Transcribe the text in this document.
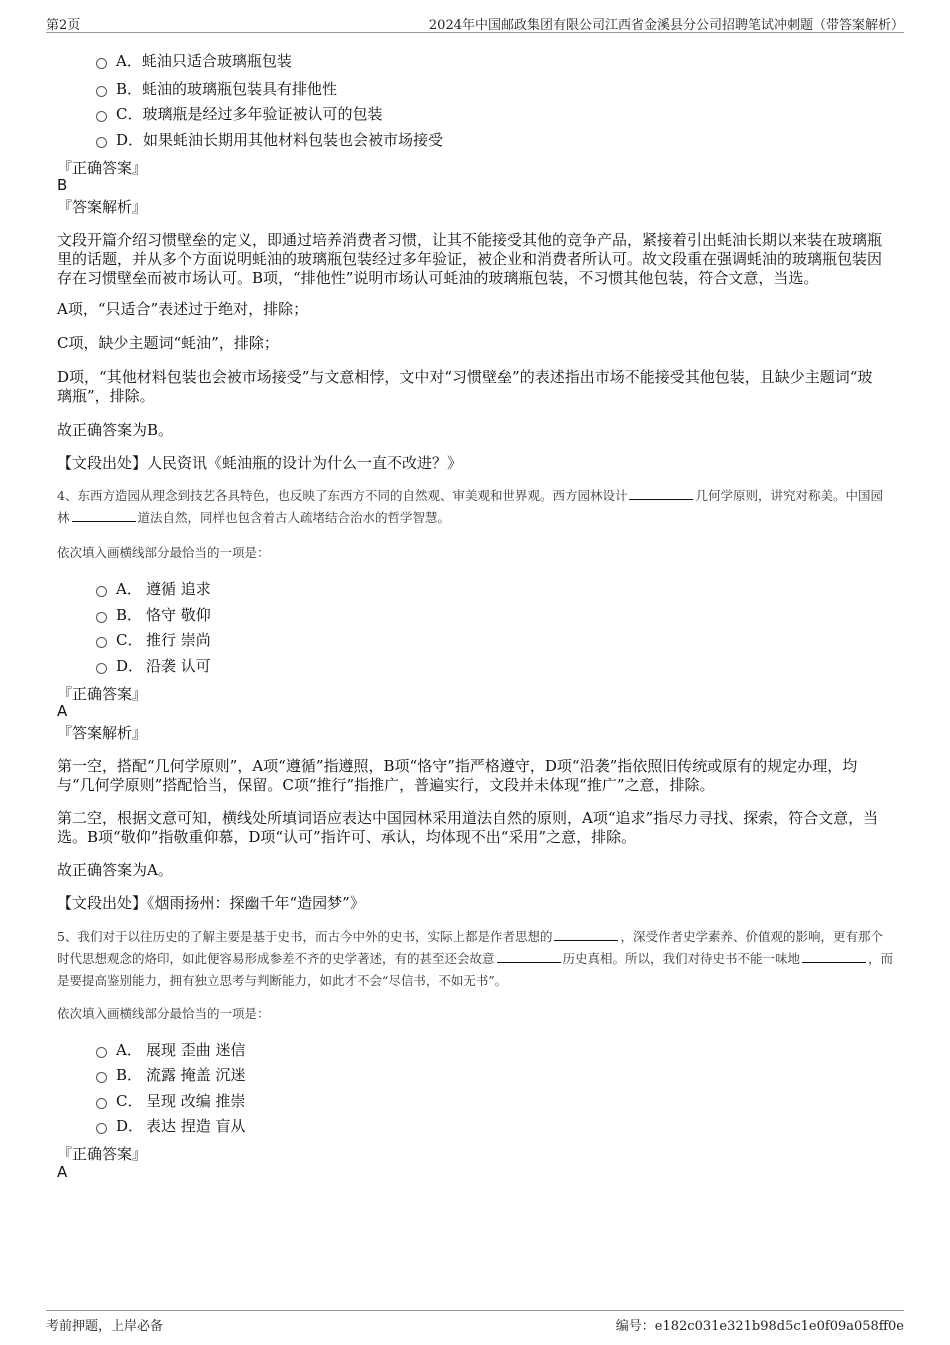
第2页	2024年中国邮政集团有限公司江西省金溪县分公司招聘笔试冲刺题（带答案解析）
A．蚝油只适合玻璃瓶包装
B．蚝油的玻璃瓶包装具有排他性
C．玻璃瓶是经过多年验证被认可的包装
D．如果蚝油长期用其他材料包装也会被市场接受
『正确答案』
B
『答案解析』
文段开篇介绍习惯壁垒的定义，即通过培养消费者习惯，让其不能接受其他的竞争产品，紧接着引出蚝油长期以来装在玻璃瓶里的话题，并从多个方面说明蚝油的玻璃瓶包装经过多年验证，被企业和消费者所认可。故文段重在强调蚝油的玻璃瓶包装因存在习惯壁垒而被市场认可。B项，“排他性”说明市场认可蚝油的玻璃瓶包装，不习惯其他包装，符合文意，当选。
A项，“只适合”表述过于绝对，排除；
C项，缺少主题词“蚝油”，排除；
D项，“其他材料包装也会被市场接受”与文意相悖，文中对“习惯壁垒”的表述指出市场不能接受其他包装，且缺少主题词“玻璃瓶”，排除。
故正确答案为B。
【文段出处】人民资讯《蚝油瓶的设计为什么一直不改进？》
4、东西方造园从理念到技艺各具特色，也反映了东西方不同的自然观、审美观和世界观。西方园林设计	几何学原则，讲究对称美。中国园林	道法自然，同样也包含着古人疏堵结合治水的哲学智慧。
依次填入画横线部分最恰当的一项是：
A． 遵循 追求
B． 恪守 敬仰
C． 推行 崇尚
D． 沿袭 认可
『正确答案』
A
『答案解析』
第一空，搭配“几何学原则”，A项“遵循”指遵照，B项“恪守”指严格遵守，D项“沿袭”指依照旧传统或原有的规定办理，均与“几何学原则”搭配恰当，保留。C项“推行”指推广，普遍实行，文段并未体现“推广”之意，排除。
第二空，根据文意可知，横线处所填词语应表达中国园林采用道法自然的原则，A项“追求”指尽力寻找、探索，符合文意，当选。B项“敬仰”指敬重仰慕，D项“认可”指许可、承认，均体现不出“采用”之意，排除。
故正确答案为A。
【文段出处】《烟雨扬州：探幽千年“造园梦”》
5、我们对于以往历史的了解主要是基于史书，而古今中外的史书，实际上都是作者思想的	，深受作者史学素养、价值观的影响，更有那个时代思想观念的烙印，如此便容易形成参差不齐的史学著述，有的甚至还会故意	历史真相。所以，我们对待史书不能一味地	，而是要提高鉴别能力，拥有独立思考与判断能力，如此才不会“尽信书，不如无书”。
依次填入画横线部分最恰当的一项是：
A． 展现 歪曲 迷信
B． 流露 掩盖 沉迷
C． 呈现 改编 推崇
D． 表达 捏造 盲从
『正确答案』
A
考前押题，上岸必备	编号：e182c031e321b98d5c1e0f09a058ff0e
